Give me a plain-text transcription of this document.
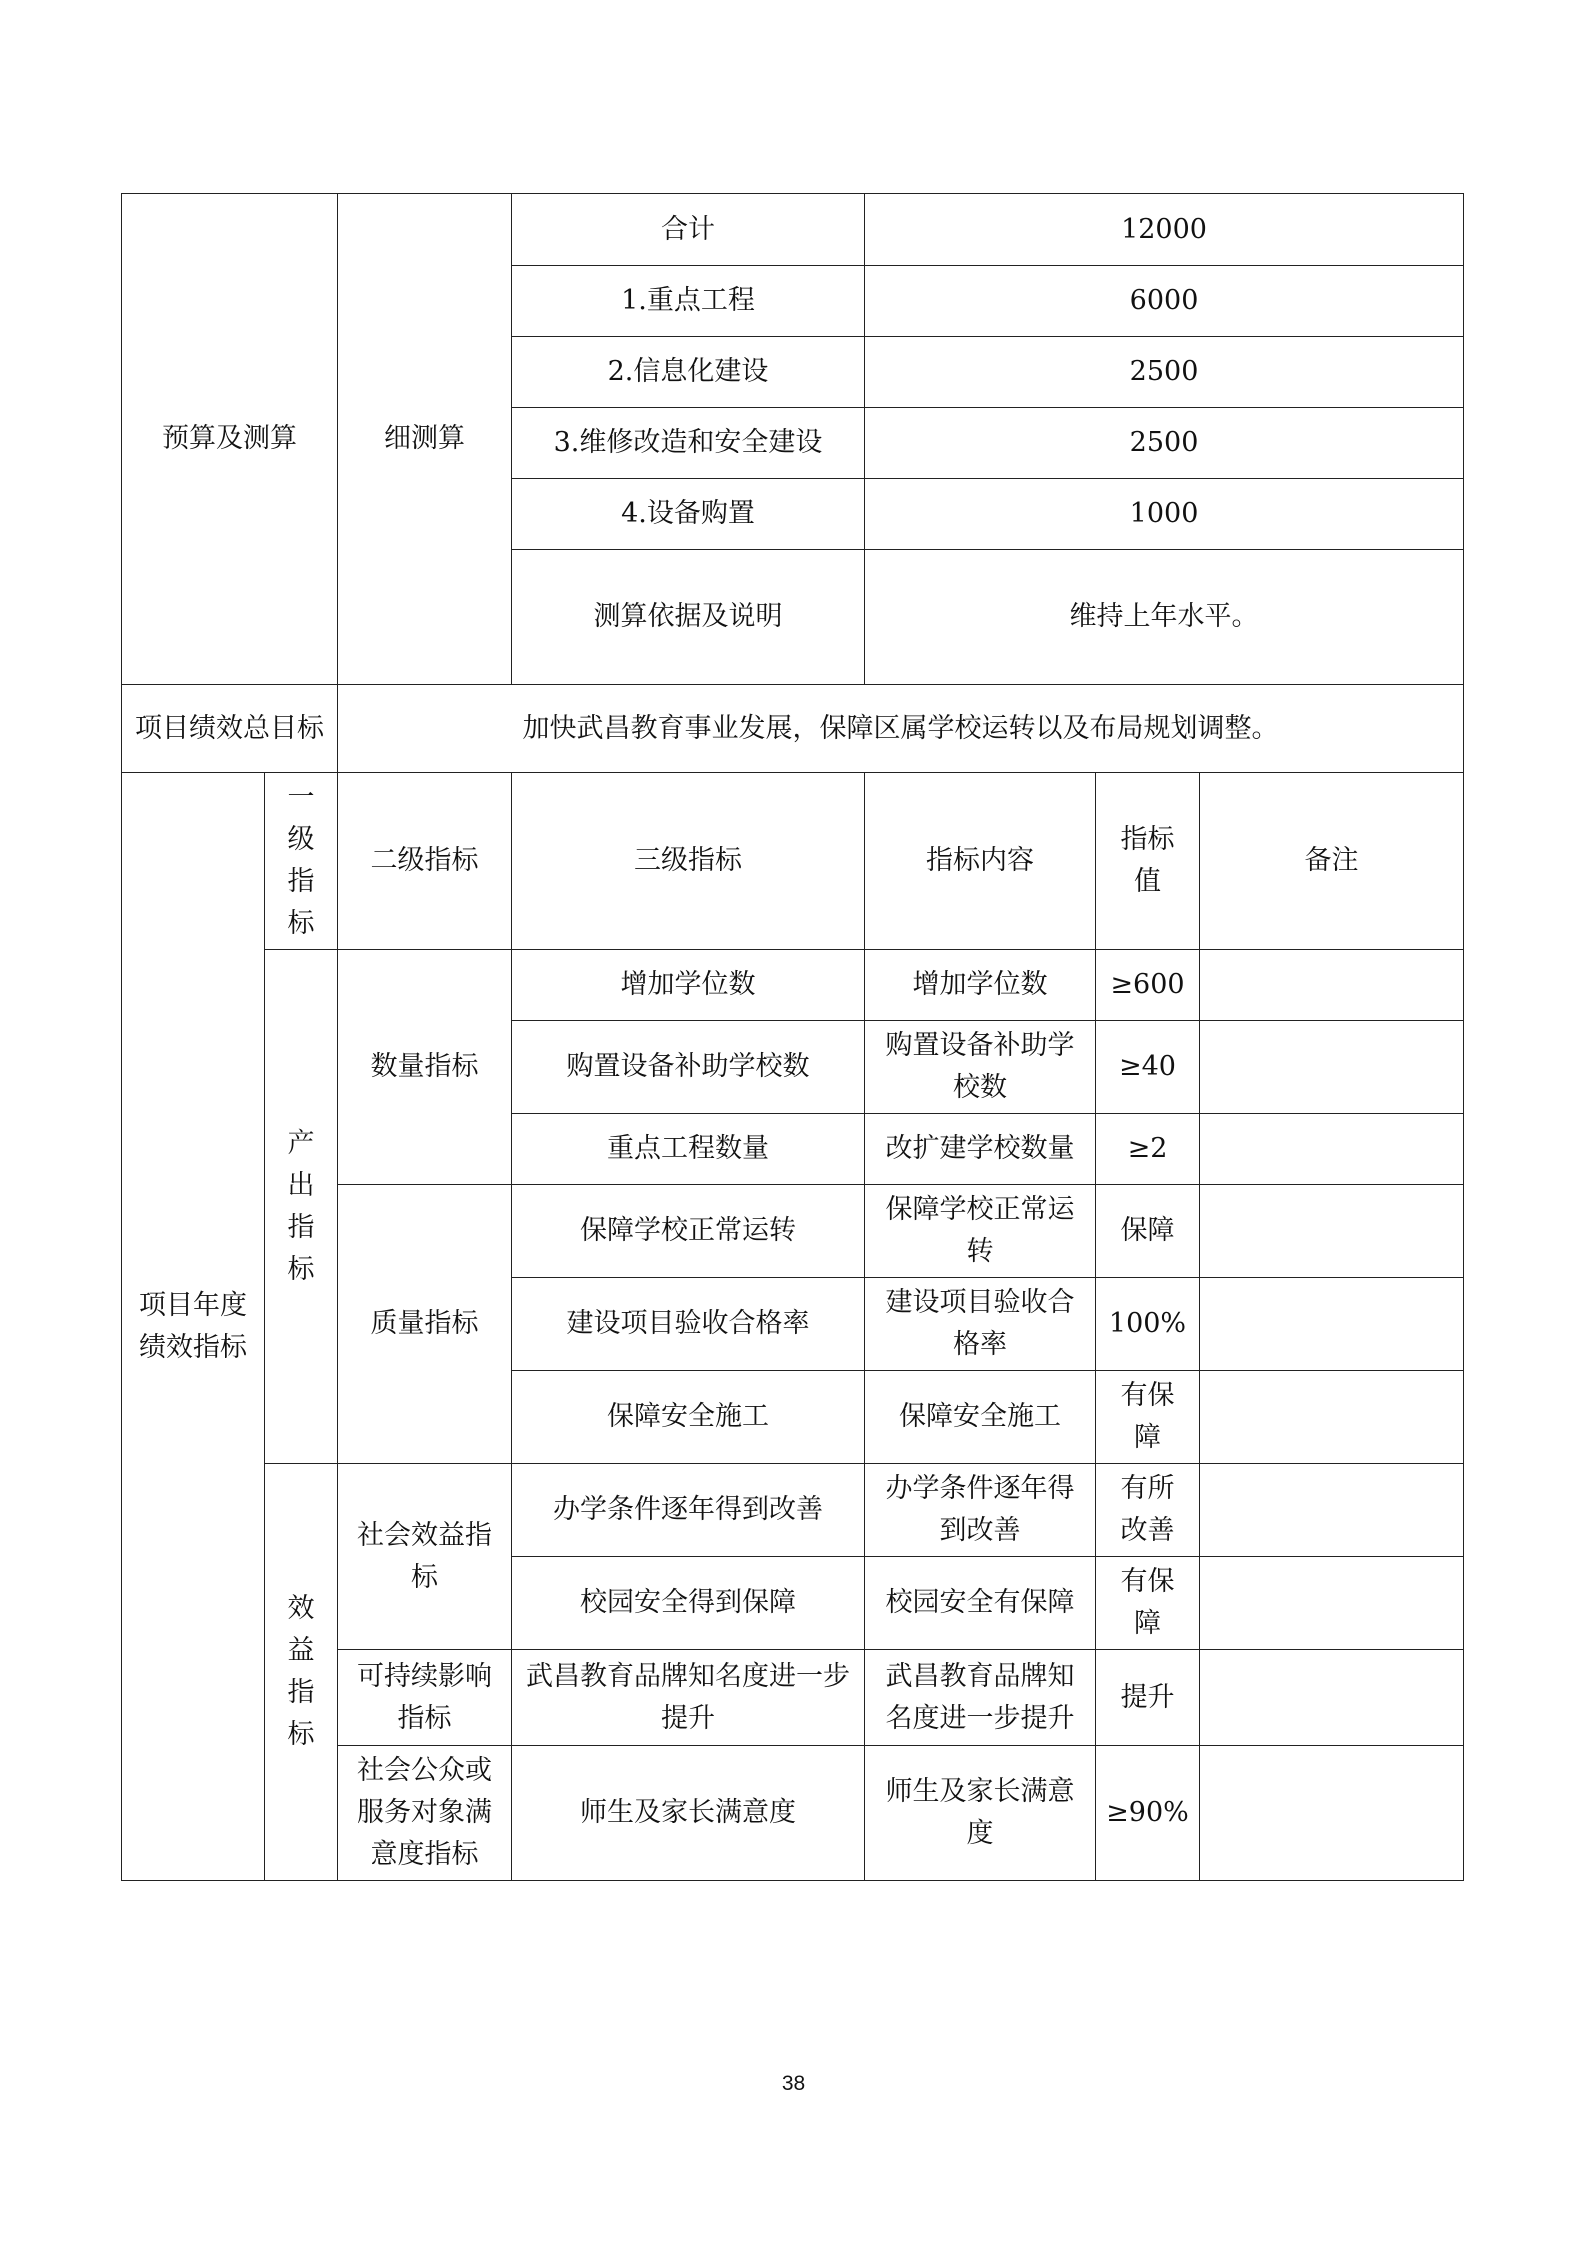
预算及测算		细测算	合计	12000		
			1.重点工程	6000		
			2.信息化建设	2500		
			3.维修改造和安全建设	2500		
			4.设备购置	1000		
			测算依据及说明	维持上年水平。		
项目绩效总目标		加快武昌教育事业发展，保障区属学校运转以及布局规划调整。				
项目年度绩效指标	一级指标	二级指标	三级指标	指标内容	指标值	备注
	产出指标	数量指标	增加学位数	增加学位数	≥600	
			购置设备补助学校数	购置设备补助学校数	≥40	
			重点工程数量	改扩建学校数量	≥2	
		质量指标	保障学校正常运转	保障学校正常运转	保障	
			建设项目验收合格率	建设项目验收合格率	100%	
			保障安全施工	保障安全施工	有保障	
	效益指标	社会效益指标	办学条件逐年得到改善	办学条件逐年得到改善	有所改善	
			校园安全得到保障	校园安全有保障	有保障	
		可持续影响指标	武昌教育品牌知名度进一步提升	武昌教育品牌知名度进一步提升	提升	
		社会公众或服务对象满意度指标	师生及家长满意度	师生及家长满意度	≥90%	
38
